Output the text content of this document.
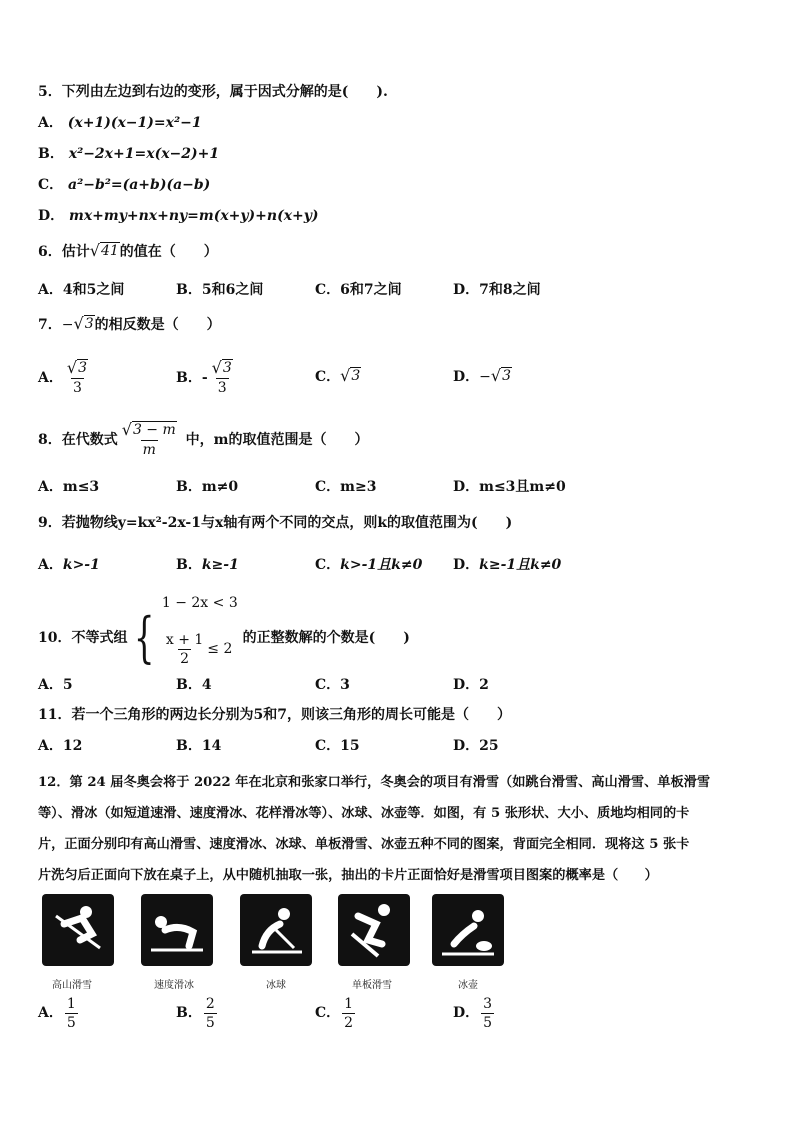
5．下列由左边到右边的变形，属于因式分解的是(　　).
A． (x+1)(x−1)=x²−1
B． x²−2x+1=x(x−2)+1
C． a²−b²=(a+b)(a−b)
D． mx+my+nx+ny=m(x+y)+n(x+y)
6．估计 √ 41 的值在（　　）
A．4和5之间	B．5和6之间	C．6和7之间	D．7和8之间
7．− √ 3 的相反数是（　　）
A． $\frac{√ 3}{3}$	B．- $\frac{√ 3}{3}$	C． √ 3	D．− √ 3
8．在代数式 $\frac{√ 3 - m}{m}$ 中，m的取值范围是（　　）
A．m≤3	B．m≠0	C．m≥3	D．m≤3且m≠0
9．若抛物线y=kx²-2x-1与x轴有两个不同的交点，则k的取值范围为(　　)
A．k>-1	B．k≥-1	C．k>-1且k≠0 D．k≥-1且k≠0
10．不等式组 {
1 − 2x < 3
$\frac{x + 1}{2} \le 2$
的正整数解的个数是(　　)
A．5	B．4	C．3	D．2
11．若一个三角形的两边长分别为5和7，则该三角形的周长可能是（　　）
A．12	B．14	C．15	D．25
12．第 24 届冬奥会将于 2022 年在北京和张家口举行，冬奥会的项目有滑雪（如跳台滑雪、高山滑雪、单板滑雪
等）、滑冰（如短道速滑、速度滑冰、花样滑冰等）、冰球、冰壶等．如图，有 5 张形状、大小、质地均相同的卡
片，正面分别印有高山滑雪、速度滑冰、冰球、单板滑雪、冰壶五种不同的图案，背面完全相同．现将这 5 张卡
片洗匀后正面向下放在桌子上，从中随机抽取一张，抽出的卡片正面恰好是滑雪项目图案的概率是（　　）
高山滑雪	速度滑冰	冰球	单板滑雪	冰壶
A． $\frac{1}{5}$	B． $\frac{2}{5}$	C． $\frac{1}{2}$	D． $\frac{3}{5}$
